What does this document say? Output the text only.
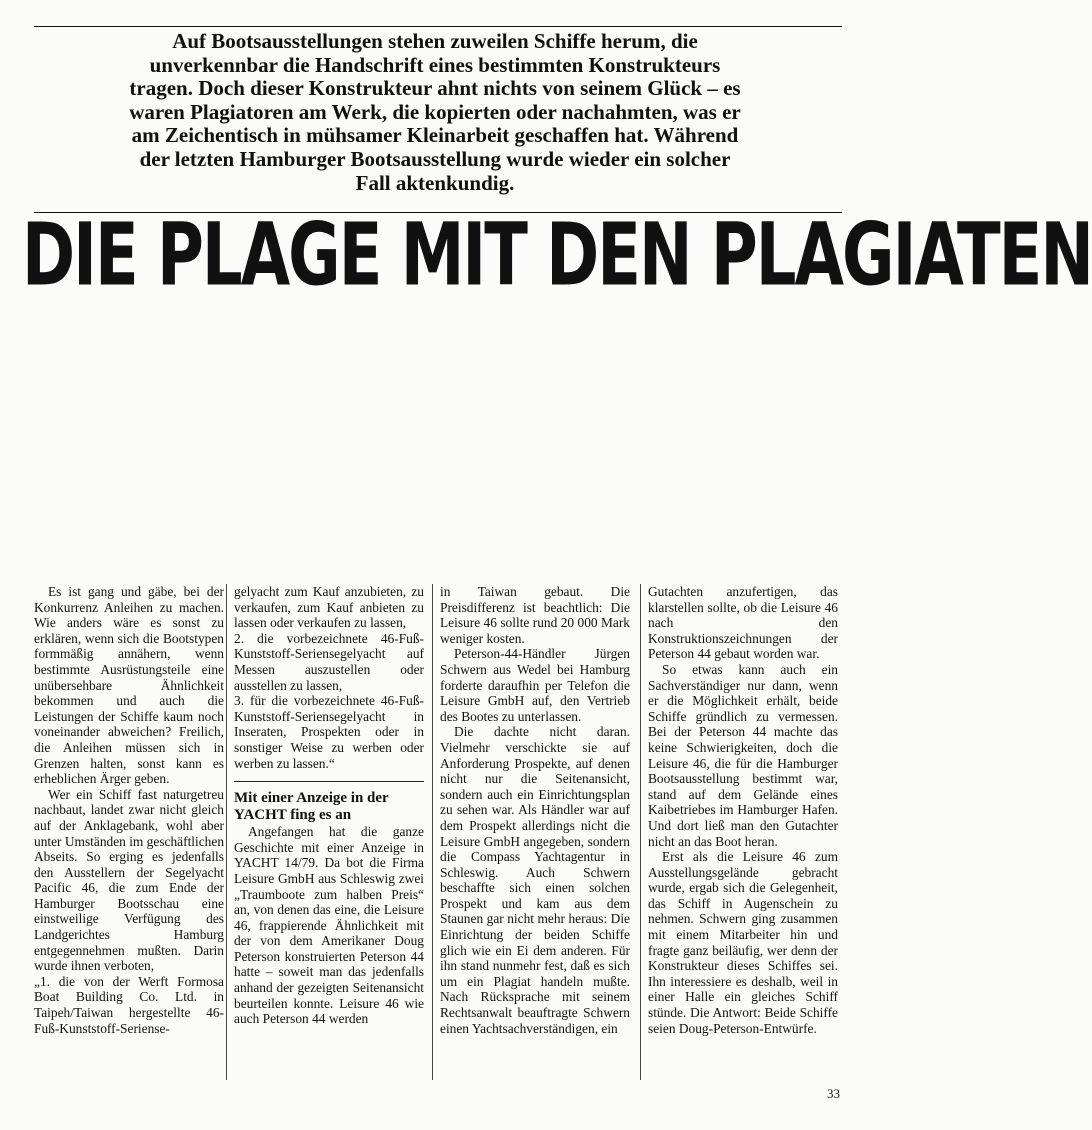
Auf Bootsausstellungen stehen zuweilen Schiffe herum, die unverkennbar die Handschrift eines bestimmten Konstrukteurs tragen. Doch dieser Konstrukteur ahnt nichts von seinem Glück – es waren Plagiatoren am Werk, die kopierten oder nachahmten, was er am Zeichentisch in mühsamer Kleinarbeit geschaffen hat. Während der letzten Hamburger Bootsausstellung wurde wieder ein solcher Fall aktenkundig.

DIE PLAGE MIT DEN PLAGIATEN

Es ist gang und gäbe, bei der Konkurrenz Anleihen zu machen. Wie anders wäre es sonst zu erklären, wenn sich die Bootstypen formmäßig annähern, wenn bestimmte Ausrüstungsteile eine unübersehbare Ähnlichkeit bekommen und auch die Leistungen der Schiffe kaum noch voneinander abweichen? Freilich, die Anleihen müssen sich in Grenzen halten, sonst kann es erheblichen Ärger geben.

Wer ein Schiff fast naturgetreu nachbaut, landet zwar nicht gleich auf der Anklagebank, wohl aber unter Umständen im geschäftlichen Abseits. So erging es jedenfalls den Ausstellern der Segelyacht Pacific 46, die zum Ende der Hamburger Bootsschau eine einstweilige Verfügung des Landgerichtes Hamburg entgegennehmen mußten. Darin wurde ihnen verboten,

„1. die von der Werft Formosa Boat Building Co. Ltd. in Taipeh/Taiwan hergestellte 46-Fuß-Kunststoff-Seriense-

gelyacht zum Kauf anzubieten, zu verkaufen, zum Kauf anbieten zu lassen oder verkaufen zu lassen,

2. die vorbezeichnete 46-Fuß-Kunststoff-Seriensegelyacht auf Messen auszustellen oder ausstellen zu lassen,

3. für die vorbezeichnete 46-Fuß-Kunststoff-Seriensegelyacht in Inseraten, Prospekten oder in sonstiger Weise zu werben oder werben zu lassen.“

Mit einer Anzeige in der YACHT fing es an

Angefangen hat die ganze Geschichte mit einer Anzeige in YACHT 14/79. Da bot die Firma Leisure GmbH aus Schleswig zwei „Traumboote zum halben Preis“ an, von denen das eine, die Leisure 46, frappierende Ähnlichkeit mit der von dem Amerikaner Doug Peterson konstruierten Peterson 44 hatte – soweit man das jedenfalls anhand der gezeigten Seitenansicht beurteilen konnte. Leisure 46 wie auch Peterson 44 werden

in Taiwan gebaut. Die Preisdifferenz ist beachtlich: Die Leisure 46 sollte rund 20 000 Mark weniger kosten.

Peterson-44-Händler Jürgen Schwern aus Wedel bei Hamburg forderte daraufhin per Telefon die Leisure GmbH auf, den Vertrieb des Bootes zu unterlassen.

Die dachte nicht daran. Vielmehr verschickte sie auf Anforderung Prospekte, auf denen nicht nur die Seitenansicht, sondern auch ein Einrichtungsplan zu sehen war. Als Händler war auf dem Prospekt allerdings nicht die Leisure GmbH angegeben, sondern die Compass Yachtagentur in Schleswig. Auch Schwern beschaffte sich einen solchen Prospekt und kam aus dem Staunen gar nicht mehr heraus: Die Einrichtung der beiden Schiffe glich wie ein Ei dem anderen. Für ihn stand nunmehr fest, daß es sich um ein Plagiat handeln mußte. Nach Rücksprache mit seinem Rechtsanwalt beauftragte Schwern einen Yachtsachverständigen, ein

Gutachten anzufertigen, das klarstellen sollte, ob die Leisure 46 nach den Konstruktionszeichnungen der Peterson 44 gebaut worden war.

So etwas kann auch ein Sachverständiger nur dann, wenn er die Möglichkeit erhält, beide Schiffe gründlich zu vermessen. Bei der Peterson 44 machte das keine Schwierigkeiten, doch die Leisure 46, die für die Hamburger Bootsausstellung bestimmt war, stand auf dem Gelände eines Kaibetriebes im Hamburger Hafen. Und dort ließ man den Gutachter nicht an das Boot heran.

Erst als die Leisure 46 zum Ausstellungsgelände gebracht wurde, ergab sich die Gelegenheit, das Schiff in Augenschein zu nehmen. Schwern ging zusammen mit einem Mitarbeiter hin und fragte ganz beiläufig, wer denn der Konstrukteur dieses Schiffes sei. Ihn interessiere es deshalb, weil in einer Halle ein gleiches Schiff stünde. Die Antwort: Beide Schiffe seien Doug-Peterson-Entwürfe.

33
